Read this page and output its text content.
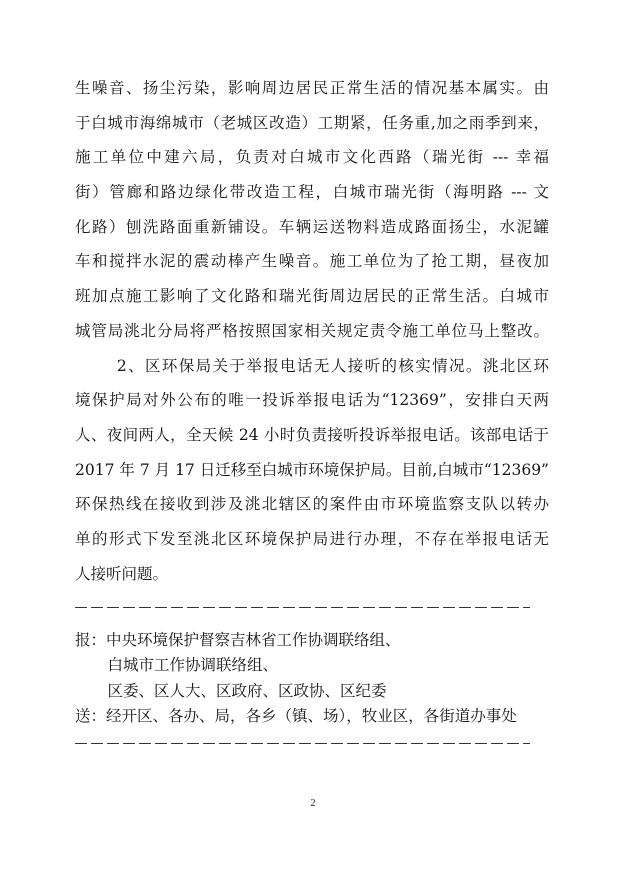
生噪音、扬尘污染，影响周边居民正常生活的情况基本属实。由
于白城市海绵城市（老城区改造）工期紧，任务重,加之雨季到来，
施工单位中建六局，负责对白城市文化西路（瑞光街 --- 幸福
街）管廊和路边绿化带改造工程，白城市瑞光街（海明路 --- 文
化路）刨洗路面重新铺设。车辆运送物料造成路面扬尘，水泥罐
车和搅拌水泥的震动棒产生噪音。施工单位为了抢工期，昼夜加
班加点施工影响了文化路和瑞光街周边居民的正常生活。白城市
城管局洮北分局将严格按照国家相关规定责令施工单位马上整改。
2、区环保局关于举报电话无人接听的核实情况。洮北区环
境保护局对外公布的唯一投诉举报电话为“12369”，安排白天两
人、夜间两人，全天候 24 小时负责接听投诉举报电话。该部电话于
2017 年 7 月 17 日迁移至白城市环境保护局。目前,白城市“12369”
环保热线在接收到涉及洮北辖区的案件由市环境监察支队以转办
单的形式下发至洮北区环境保护局进行办理，不存在举报电话无
人接听问题。
报：中央环境保护督察吉林省工作协调联络组、
白城市工作协调联络组、
区委、区人大、区政府、区政协、区纪委
送：经开区、各办、局，各乡（镇、场），牧业区，各街道办事处
2
